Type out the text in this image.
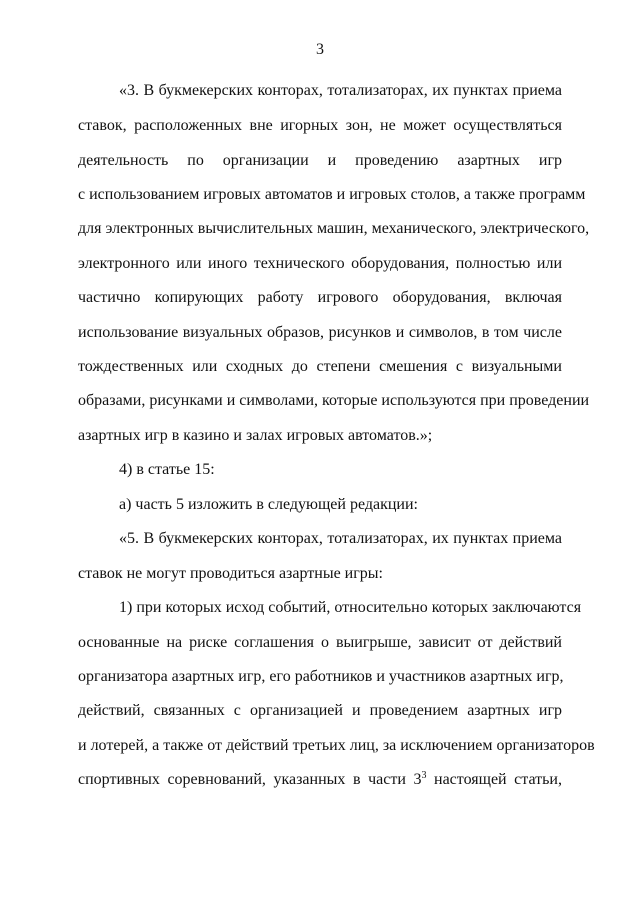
3
«3. В букмекерских конторах, тотализаторах, их пунктах приема
ставок, расположенных вне игорных зон, не может осуществляться
деятельность по организации и проведению азартных игр
с использованием игровых автоматов и игровых столов, а также программ
для электронных вычислительных машин, механического, электрического,
электронного или иного технического оборудования, полностью или
частично копирующих работу игрового оборудования, включая
использование визуальных образов, рисунков и символов, в том числе
тождественных или сходных до степени смешения с визуальными
образами, рисунками и символами, которые используются при проведении
азартных игр в казино и залах игровых автоматов.»;
4) в статье 15:
а) часть 5 изложить в следующей редакции:
«5. В букмекерских конторах, тотализаторах, их пунктах приема
ставок не могут проводиться азартные игры:
1) при которых исход событий, относительно которых заключаются
основанные на риске соглашения о выигрыше, зависит от действий
организатора азартных игр, его работников и участников азартных игр,
действий, связанных с организацией и проведением азартных игр
и лотерей, а также от действий третьих лиц, за исключением организаторов
спортивных соревнований, указанных в части $3^3$ настоящей статьи,
